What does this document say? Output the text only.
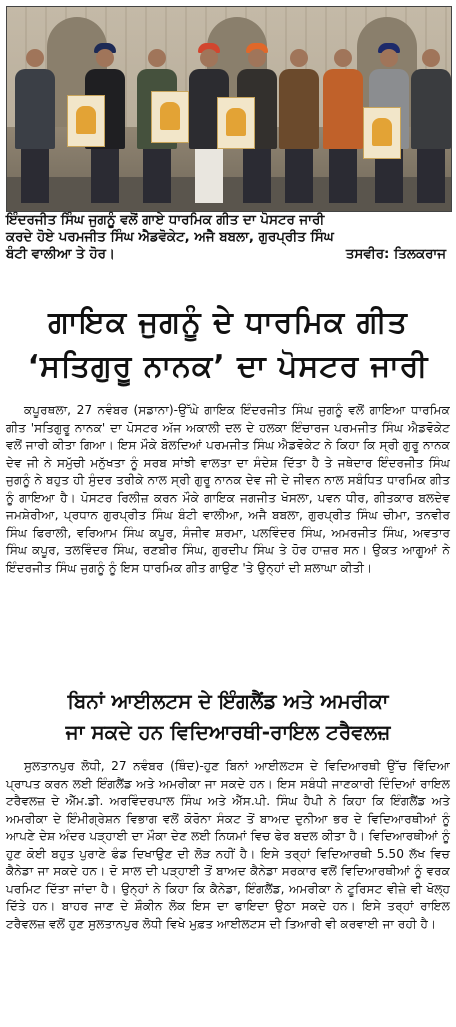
ਇੰਦਰਜੀਤ ਸਿੰਘ ਜੁਗਨੂੰ ਵਲੋਂ ਗਾਏ ਧਾਰਮਿਕ ਗੀਤ ਦਾ ਪੋਸਟਰ ਜਾਰੀ
ਕਰਦੇ ਹੋਏ ਪਰਮਜੀਤ ਸਿੰਘ ਐਡਵੋਕੇਟ, ਅਜੈ ਬਬਲਾ, ਗੁਰਪ੍ਰੀਤ ਸਿੰਘ
ਬੰਟੀ ਵਾਲੀਆ ਤੇ ਹੋਰ।	ਤਸਵੀਰ: ਤਿਲਕਰਾਜ
ਗਾਇਕ ਜੁਗਨੂੰ ਦੇ ਧਾਰਮਿਕ ਗੀਤ
‘ਸਤਿਗੁਰੂ ਨਾਨਕ’ ਦਾ ਪੋਸਟਰ ਜਾਰੀ
ਕਪੂਰਥਲਾ, 27 ਨਵੰਬਰ (ਸਡਾਨਾ)-ਉੱਘੇ ਗਾਇਕ ਇੰਦਰਜੀਤ ਸਿੰਘ ਜੁਗਨੂੰ ਵਲੋਂ ਗਾਇਆ ਧਾਰਮਿਕ ਗੀਤ 'ਸਤਿਗੁਰੂ ਨਾਨਕ' ਦਾ ਪੋਸਟਰ ਅੱਜ ਅਕਾਲੀ ਦਲ ਦੇ ਹਲਕਾ ਇੰਚਾਰਜ ਪਰਮਜੀਤ ਸਿੰਘ ਐਡਵੋਕੇਟ ਵਲੋਂ ਜਾਰੀ ਕੀਤਾ ਗਿਆ। ਇਸ ਮੌਕੇ ਬੋਲਦਿਆਂ ਪਰਮਜੀਤ ਸਿੰਘ ਐਡਵੋਕੇਟ ਨੇ ਕਿਹਾ ਕਿ ਸ੍ਰੀ ਗੁਰੂ ਨਾਨਕ ਦੇਵ ਜੀ ਨੇ ਸਮੁੱਚੀ ਮਨੁੱਖਤਾ ਨੂੰ ਸਰਬ ਸਾਂਝੀ ਵਾਲਤਾ ਦਾ ਸੰਦੇਸ਼ ਦਿੱਤਾ ਹੈ ਤੇ ਜਥੇਦਾਰ ਇੰਦਰਜੀਤ ਸਿੰਘ ਜੁਗਨੂੰ ਨੇ ਬਹੁਤ ਹੀ ਸੁੰਦਰ ਤਰੀਕੇ ਨਾਲ ਸ੍ਰੀ ਗੁਰੂ ਨਾਨਕ ਦੇਵ ਜੀ ਦੇ ਜੀਵਨ ਨਾਲ ਸਬੰਧਿਤ ਧਾਰਮਿਕ ਗੀਤ ਨੂੰ ਗਾਇਆ ਹੈ। ਪੋਸਟਰ ਰਿਲੀਜ਼ ਕਰਨ ਮੌਕੇ ਗਾਇਕ ਜਗਜੀਤ ਖੋਸਲਾ, ਪਵਨ ਧੀਰ, ਗੀਤਕਾਰ ਬਲਦੇਵ ਜਮਸ਼ੇਰੀਆ, ਪ੍ਰਧਾਨ ਗੁਰਪ੍ਰੀਤ ਸਿੰਘ ਬੰਟੀ ਵਾਲੀਆ, ਅਜੈ ਬਬਲਾ, ਗੁਰਪ੍ਰੀਤ ਸਿੰਘ ਚੀਮਾ, ਤਨਵੀਰ ਸਿੰਘ ਫਿਰਾਲੀ, ਵਰਿਆਮ ਸਿੰਘ ਕਪੂਰ, ਸੰਜੀਵ ਸ਼ਰਮਾ, ਪਲਵਿੰਦਰ ਸਿੰਘ, ਅਮਰਜੀਤ ਸਿੰਘ, ਅਵਤਾਰ ਸਿੰਘ ਕਪੂਰ, ਤਲਵਿੰਦਰ ਸਿੰਘ, ਰਣਬੀਰ ਸਿੰਘ, ਗੁਰਦੀਪ ਸਿੰਘ ਤੇ ਹੋਰ ਹਾਜ਼ਰ ਸਨ। ਉਕਤ ਆਗੂਆਂ ਨੇ ਇੰਦਰਜੀਤ ਸਿੰਘ ਜੁਗਨੂੰ ਨੂੰ ਇਸ ਧਾਰਮਿਕ ਗੀਤ ਗਾਉਣ 'ਤੇ ਉਨ੍ਹਾਂ ਦੀ ਸ਼ਲਾਘਾ ਕੀਤੀ।
ਬਿਨਾਂ ਆਈਲਟਸ ਦੇ ਇੰਗਲੈਂਡ ਅਤੇ ਅਮਰੀਕਾ
ਜਾ ਸਕਦੇ ਹਨ ਵਿਦਿਆਰਥੀ-ਰਾਇਲ ਟਰੈਵਲਜ਼
ਸੁਲਤਾਨਪੁਰ ਲੋਧੀ, 27 ਨਵੰਬਰ (ਥਿੰਦ)-ਹੁਣ ਬਿਨਾਂ ਆਈਲਟਸ ਦੇ ਵਿਦਿਆਰਥੀ ਉੱਚ ਵਿੱਦਿਆ ਪ੍ਰਾਪਤ ਕਰਨ ਲਈ ਇੰਗਲੈਂਡ ਅਤੇ ਅਮਰੀਕਾ ਜਾ ਸਕਦੇ ਹਨ। ਇਸ ਸਬੰਧੀ ਜਾਣਕਾਰੀ ਦਿੰਦਿਆਂ ਰਾਇਲ ਟਰੈਵਲਜ਼ ਦੇ ਐੱਮ.ਡੀ. ਅਰਵਿੰਦਰਪਾਲ ਸਿੰਘ ਅਤੇ ਐੱਸ.ਪੀ. ਸਿੰਘ ਹੈਪੀ ਨੇ ਕਿਹਾ ਕਿ ਇੰਗਲੈਂਡ ਅਤੇ ਅਮਰੀਕਾ ਦੇ ਇੰਮੀਗ੍ਰੇਸ਼ਨ ਵਿਭਾਗ ਵਲੋਂ ਕੋਰੋਨਾ ਸੰਕਟ ਤੋਂ ਬਾਅਦ ਦੁਨੀਆ ਭਰ ਦੇ ਵਿਦਿਆਰਥੀਆਂ ਨੂੰ ਆਪਣੇ ਦੇਸ਼ ਅੰਦਰ ਪੜ੍ਹਾਈ ਦਾ ਮੌਕਾ ਦੇਣ ਲਈ ਨਿਯਮਾਂ ਵਿਚ ਫੇਰ ਬਦਲ ਕੀਤਾ ਹੈ। ਵਿਦਿਆਰਥੀਆਂ ਨੂੰ ਹੁਣ ਕੋਈ ਬਹੁਤ ਪੁਰਾਣੇ ਫੰਡ ਦਿਖਾਉਣ ਦੀ ਲੋੜ ਨਹੀਂ ਹੈ। ਇਸੇ ਤਰ੍ਹਾਂ ਵਿਦਿਆਰਥੀ 5.50 ਲੱਖ ਵਿਚ ਕੈਨੇਡਾ ਜਾ ਸਕਦੇ ਹਨ। ਦੋ ਸਾਲ ਦੀ ਪੜ੍ਹਾਈ ਤੋਂ ਬਾਅਦ ਕੈਨੇਡਾ ਸਰਕਾਰ ਵਲੋਂ ਵਿਦਿਆਰਥੀਆਂ ਨੂੰ ਵਰਕ ਪਰਮਿਟ ਦਿੱਤਾ ਜਾਂਦਾ ਹੈ। ਉਨ੍ਹਾਂ ਨੇ ਕਿਹਾ ਕਿ ਕੈਨੇਡਾ, ਇੰਗਲੈਂਡ, ਅਮਰੀਕਾ ਨੇ ਟੂਰਿਸਟ ਵੀਜ਼ੇ ਵੀ ਖੋਲ੍ਹ ਦਿੱਤੇ ਹਨ। ਬਾਹਰ ਜਾਣ ਦੇ ਸ਼ੌਕੀਨ ਲੋਕ ਇਸ ਦਾ ਫਾਇਦਾ ਉਠਾ ਸਕਦੇ ਹਨ। ਇਸੇ ਤਰ੍ਹਾਂ ਰਾਇਲ ਟਰੈਵਲਜ਼ ਵਲੋਂ ਹੁਣ ਸੁਲਤਾਨਪੁਰ ਲੋਧੀ ਵਿਖੇ ਮੁਫ਼ਤ ਆਈਲਟਸ ਦੀ ਤਿਆਰੀ ਵੀ ਕਰਵਾਈ ਜਾ ਰਹੀ ਹੈ।
